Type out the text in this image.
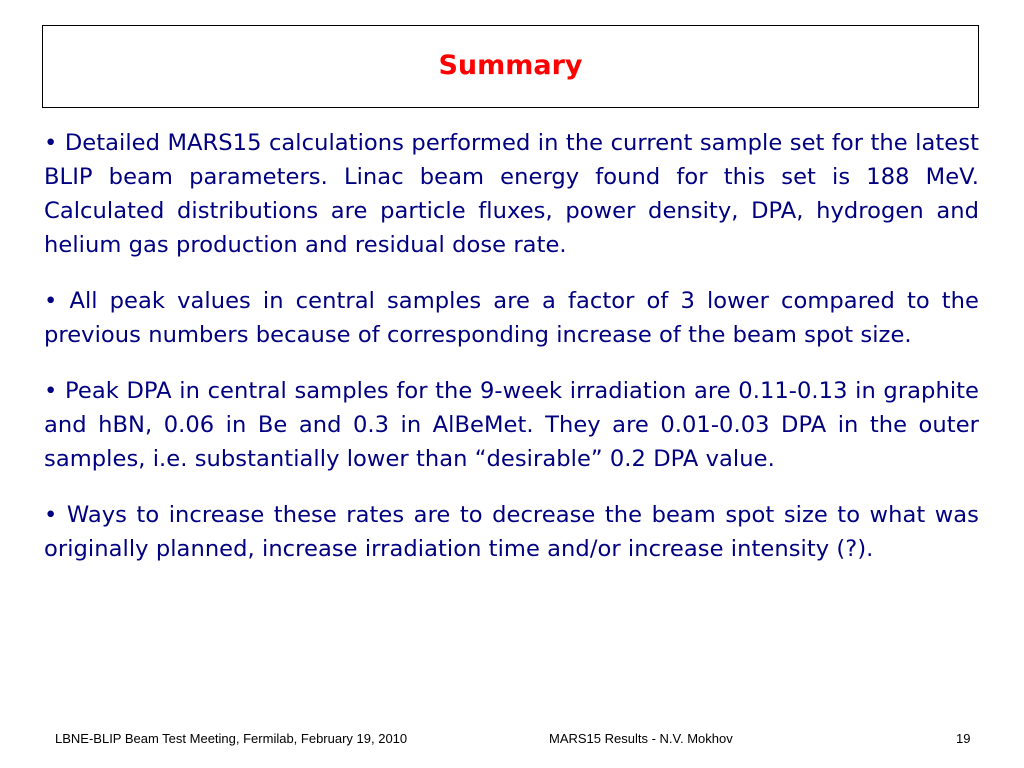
Summary

• Detailed MARS15 calculations performed in the current sample set for the latest BLIP beam parameters. Linac beam energy found for this set is 188 MeV. Calculated distributions are particle fluxes, power density, DPA, hydrogen and helium gas production and residual dose rate.

• All peak values in central samples are a factor of 3 lower compared to the previous numbers because of corresponding increase of the beam spot size.

• Peak DPA in central samples for the 9-week irradiation are 0.11-0.13 in graphite and hBN, 0.06 in Be and 0.3 in AlBeMet. They are 0.01-0.03 DPA in the outer samples, i.e. substantially lower than “desirable” 0.2 DPA value.

• Ways to increase these rates are to decrease the beam spot size to what was originally planned, increase irradiation time and/or increase intensity (?).

LBNE-BLIP Beam Test Meeting, Fermilab, February 19, 2010	MARS15 Results - N.V. Mokhov	19
